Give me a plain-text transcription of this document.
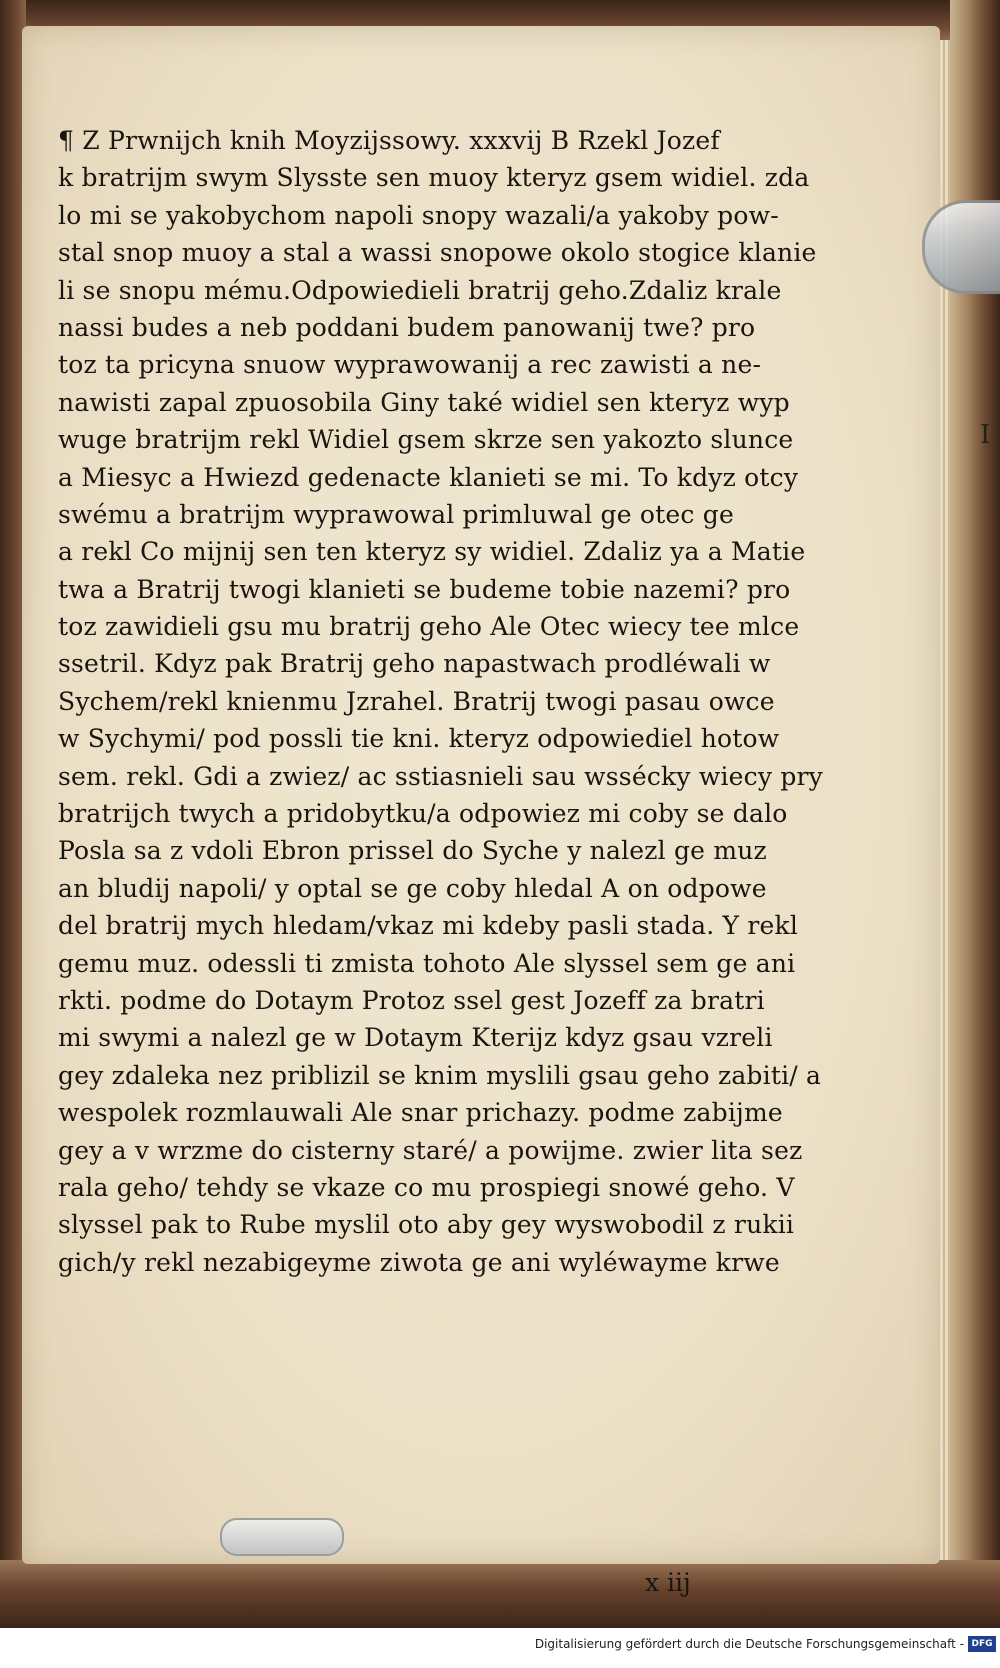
¶ Z Prwnijch knih Moyzijssowy. xxxvij B Rzekl Jozef
k bratrijm swym Slysste sen muoy kteryz gsem widiel. zda
lo mi se yakobychom napoli snopy wazali/a yakoby pow-
stal snop muoy a stal a wassi snopowe okolo stogice klanie
li se snopu mému.Odpowiedieli bratrij geho.Zdaliz krale
nassi budes a neb poddani budem panowanij twe? pro
toz ta pricyna snuow wyprawowanij a rec zawisti a ne-
nawisti zapal zpuosobila Giny také widiel sen kteryz wyp
wuge bratrijm rekl Widiel gsem skrze sen yakozto slunce
a Miesyc a Hwiezd gedenacte klanieti se mi. To kdyz otcy
swému a bratrijm wyprawowal primluwal ge otec ge
a rekl Co mijnij sen ten kteryz sy widiel. Zdaliz ya a Matie
twa a Bratrij twogi klanieti se budeme tobie nazemi? pro
toz zawidieli gsu mu bratrij geho Ale Otec wiecy tee mlce
ssetril. Kdyz pak Bratrij geho napastwach prodléwali w
Sychem/rekl knienmu Jzrahel. Bratrij twogi pasau owce
w Sychymi/ pod possli tie kni. kteryz odpowiediel hotow
sem. rekl. Gdi a zwiez/ ac sstiasnieli sau wssécky wiecy pry
bratrijch twych a pridobytku/a odpowiez mi coby se dalo
Posla sa z vdoli Ebron prissel do Syche y nalezl ge muz
an bludij napoli/ y optal se ge coby hledal A on odpowe
del bratrij mych hledam/vkaz mi kdeby pasli stada. Y rekl
gemu muz. odessli ti zmista tohoto Ale slyssel sem ge ani
rkti. podme do Dotaym Protoz ssel gest Jozeff za bratri
mi swymi a nalezl ge w Dotaym Kterijz kdyz gsau vzreli
gey zdaleka nez priblizil se knim myslili gsau geho zabiti/ a
wespolek rozmlauwali Ale snar prichazy. podme zabijme
gey a v wrzme do cisterny staré/ a powijme. zwier lita sez
rala geho/ tehdy se vkaze co mu prospiegi snowé geho. V
slyssel pak to Rube myslil oto aby gey wyswobodil z rukii
gich/y rekl nezabigeyme ziwota ge ani wyléwayme krwe
x iij
I
Digitalisierung gefördert durch die Deutsche Forschungsgemeinschaft - DFG
